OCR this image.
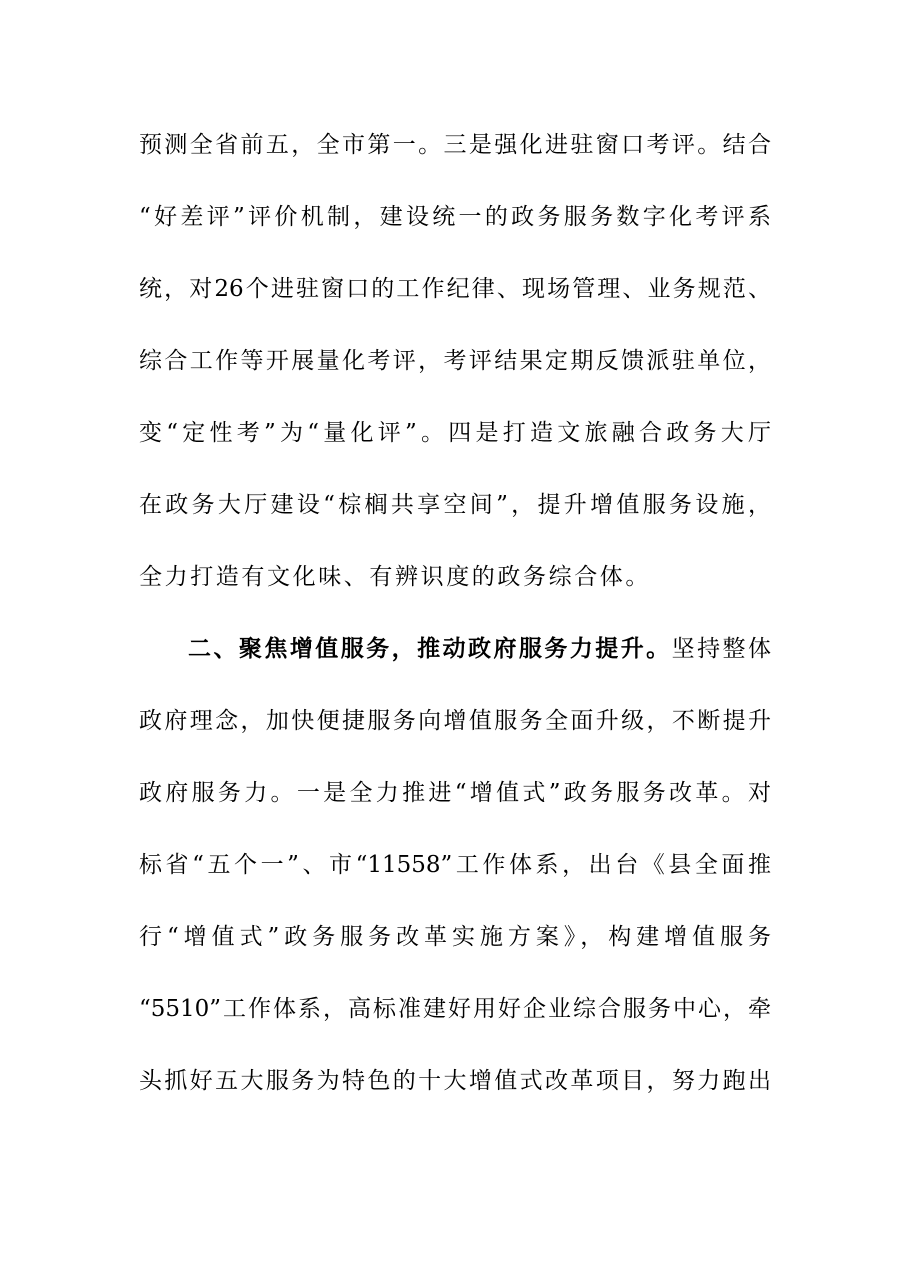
预测全省前五，全市第一。三是强化进驻窗口考评。结合
“好差评”评价机制，建设统一的政务服务数字化考评系
统，对26个进驻窗口的工作纪律、现场管理、业务规范、
综合工作等开展量化考评，考评结果定期反馈派驻单位，
变“定性考”为“量化评”。四是打造文旅融合政务大厅
在政务大厅建设“棕榈共享空间”，提升增值服务设施，
全力打造有文化味、有辨识度的政务综合体。
二、聚焦增值服务，推动政府服务力提升。坚持整体
政府理念，加快便捷服务向增值服务全面升级，不断提升
政府服务力。一是全力推进“增值式”政务服务改革。对
标省“五个一”、市“11558”工作体系，出台《县全面推
行“增值式”政务服务改革实施方案》，构建增值服务
“5510”工作体系，高标准建好用好企业综合服务中心，牵
头抓好五大服务为特色的十大增值式改革项目，努力跑出
